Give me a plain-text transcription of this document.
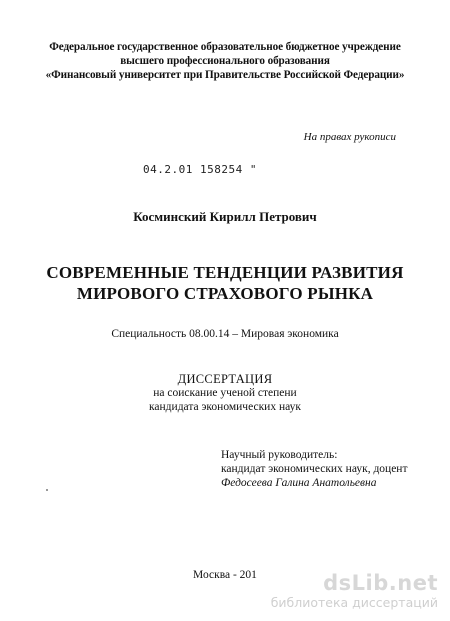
Федеральное государственное образовательное бюджетное учреждение
высшего профессионального образования
«Финансовый университет при Правительстве Российской Федерации»
На правах рукописи
04.2.01 158254 "
Косминский Кирилл Петрович
СОВРЕМЕННЫЕ ТЕНДЕНЦИИ РАЗВИТИЯ
МИРОВОГО СТРАХОВОГО РЫНКА
Специальность 08.00.14 – Мировая экономика
ДИССЕРТАЦИЯ
на соискание ученой степени
кандидата экономических наук
Научный руководитель:
кандидат экономических наук, доцент
Федосеева Галина Анатольевна
Москва - 201	dsLib.net
библиотека диссертаций
